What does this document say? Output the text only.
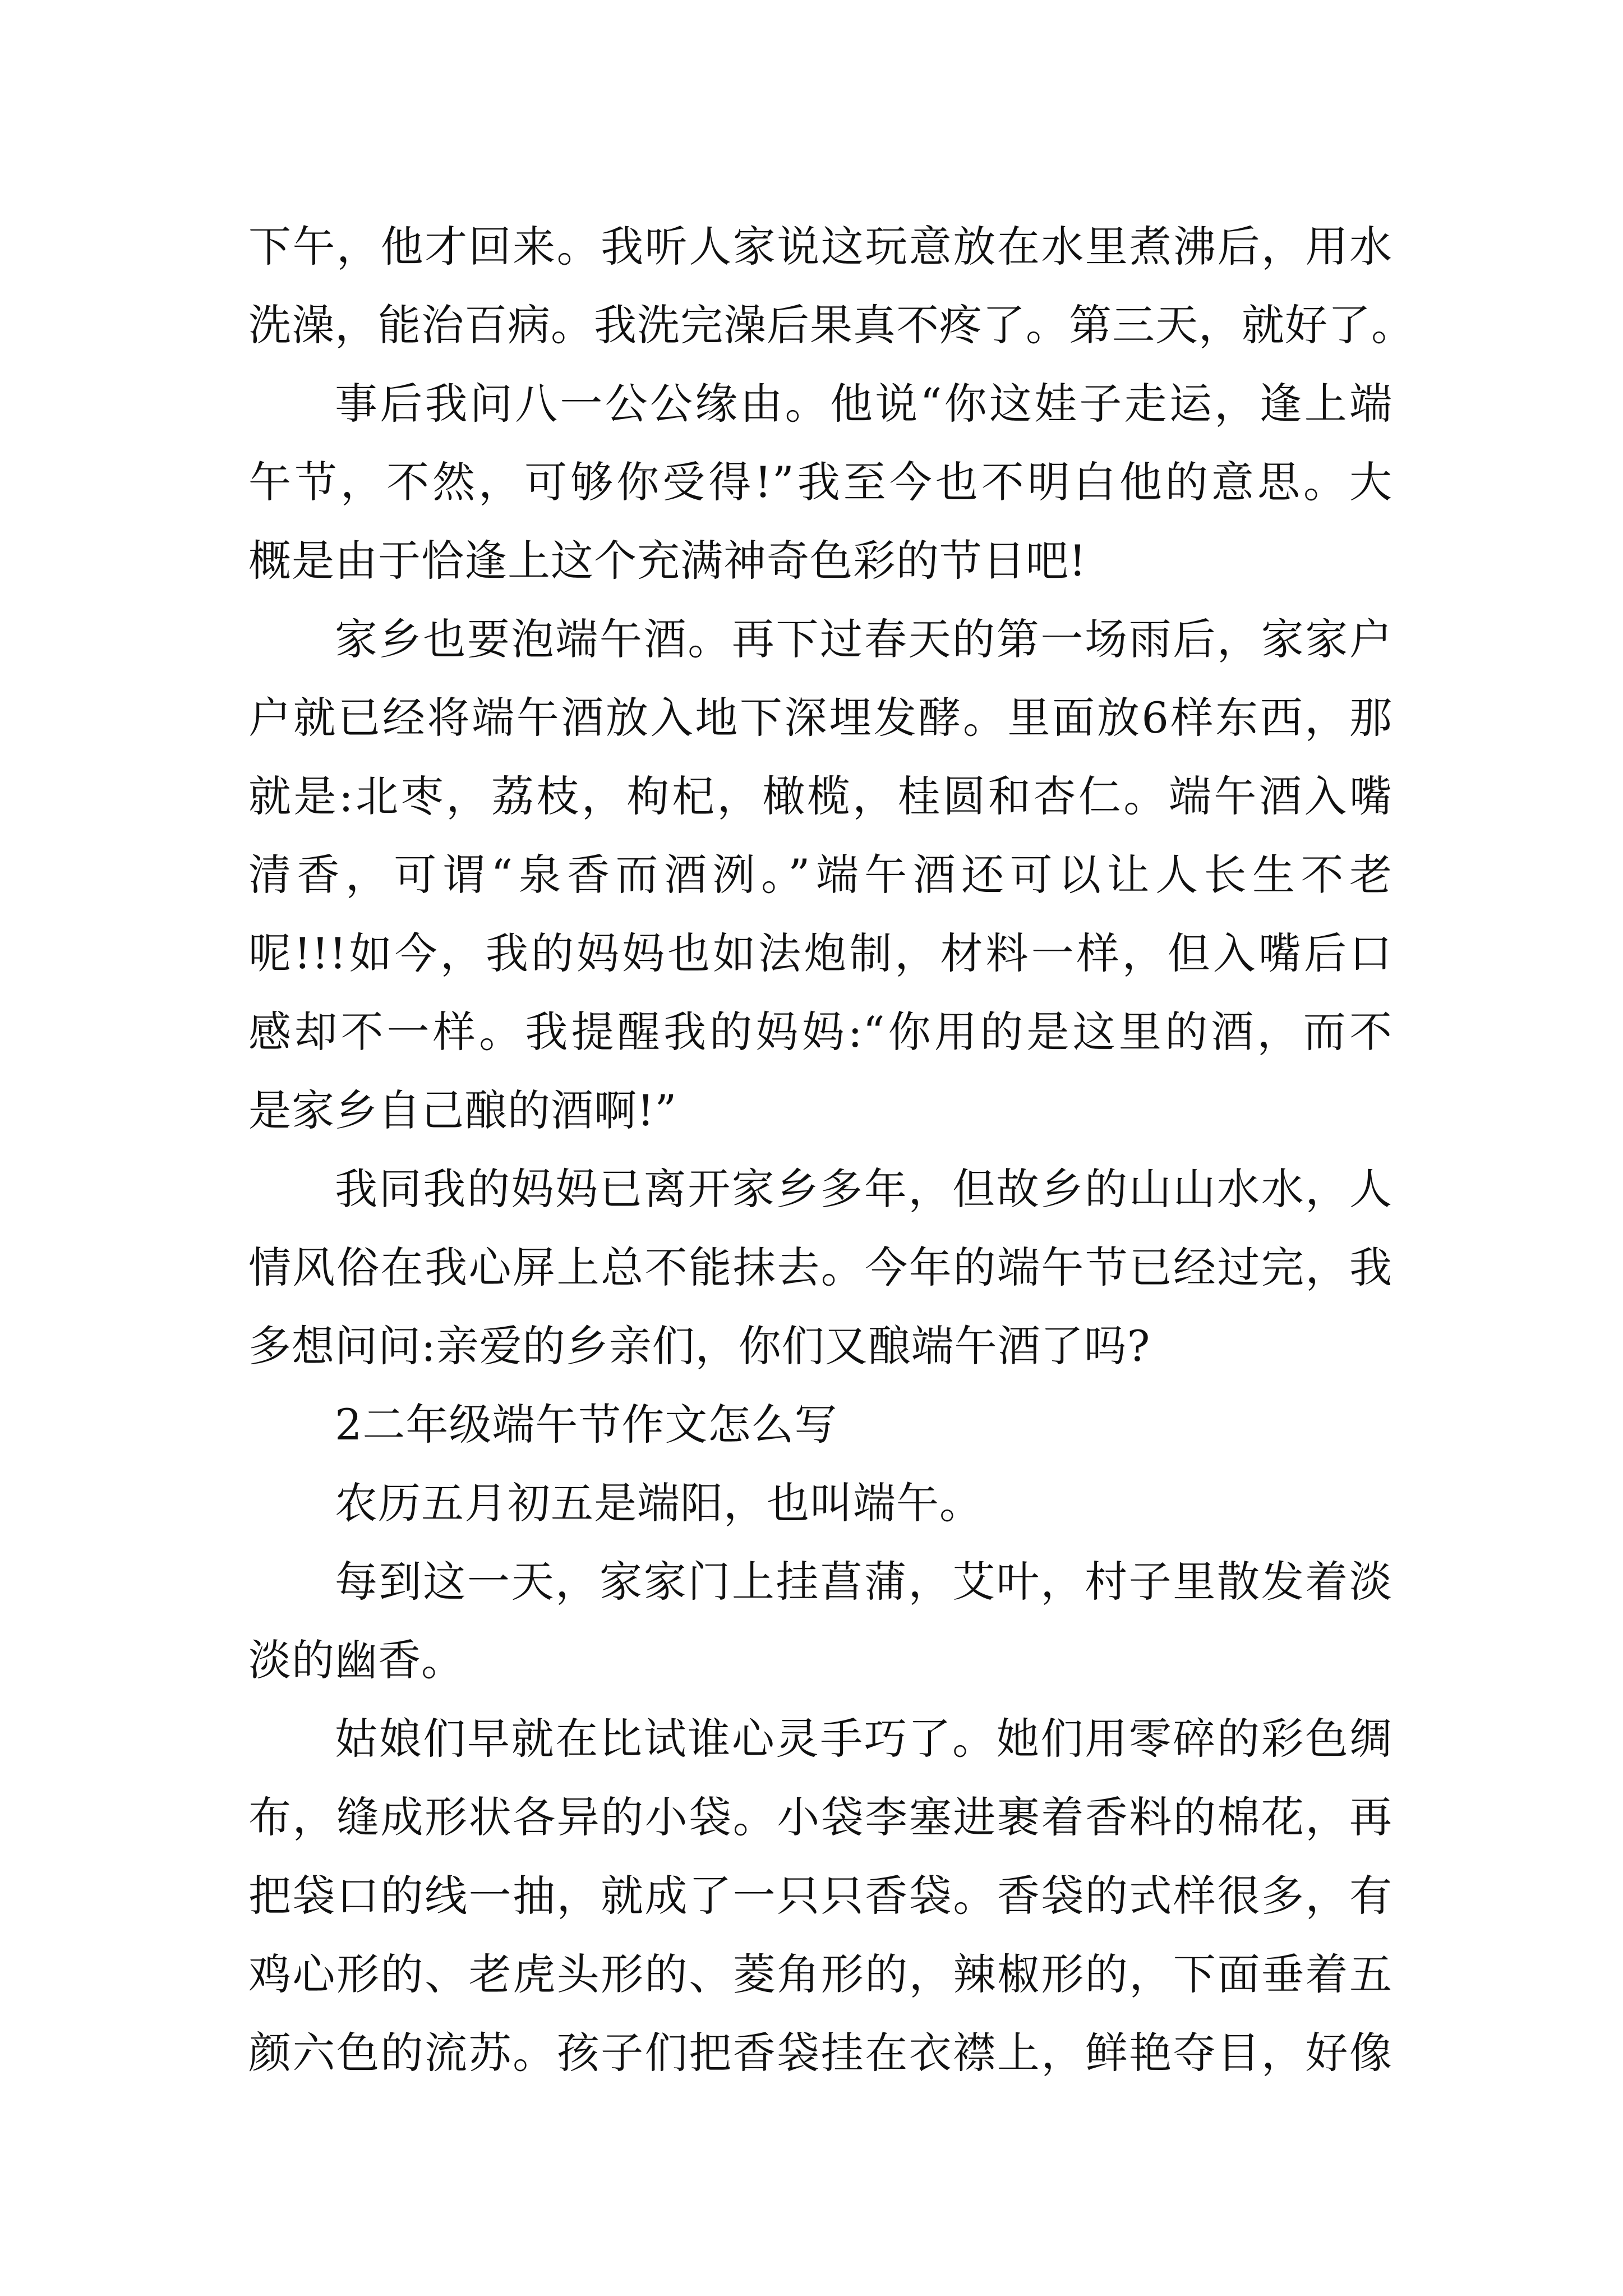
下午，他才回来。我听人家说这玩意放在水里煮沸后，用水
洗澡，能治百病。我洗完澡后果真不疼了。第三天，就好了。
事后我问八一公公缘由。他说“你这娃子走运，逢上端
午节，不然，可够你受得!”我至今也不明白他的意思。大
概是由于恰逢上这个充满神奇色彩的节日吧!
家乡也要泡端午酒。再下过春天的第一场雨后，家家户
户就已经将端午酒放入地下深埋发酵。里面放6样东西，那
就是:北枣，荔枝，枸杞，橄榄，桂圆和杏仁。端午酒入嘴
清香，可谓“泉香而酒洌。”端午酒还可以让人长生不老
呢!!!如今，我的妈妈也如法炮制，材料一样，但入嘴后口
感却不一样。我提醒我的妈妈:“你用的是这里的酒，而不
是家乡自己酿的酒啊!”
我同我的妈妈已离开家乡多年，但故乡的山山水水，人
情风俗在我心屏上总不能抹去。今年的端午节已经过完，我
多想问问:亲爱的乡亲们，你们又酿端午酒了吗?
2二年级端午节作文怎么写
农历五月初五是端阳，也叫端午。
每到这一天，家家门上挂菖蒲，艾叶，村子里散发着淡
淡的幽香。
姑娘们早就在比试谁心灵手巧了。她们用零碎的彩色绸
布，缝成形状各异的小袋。小袋李塞进裹着香料的棉花，再
把袋口的线一抽，就成了一只只香袋。香袋的式样很多，有
鸡心形的、老虎头形的、菱角形的，辣椒形的，下面垂着五
颜六色的流苏。孩子们把香袋挂在衣襟上，鲜艳夺目，好像
